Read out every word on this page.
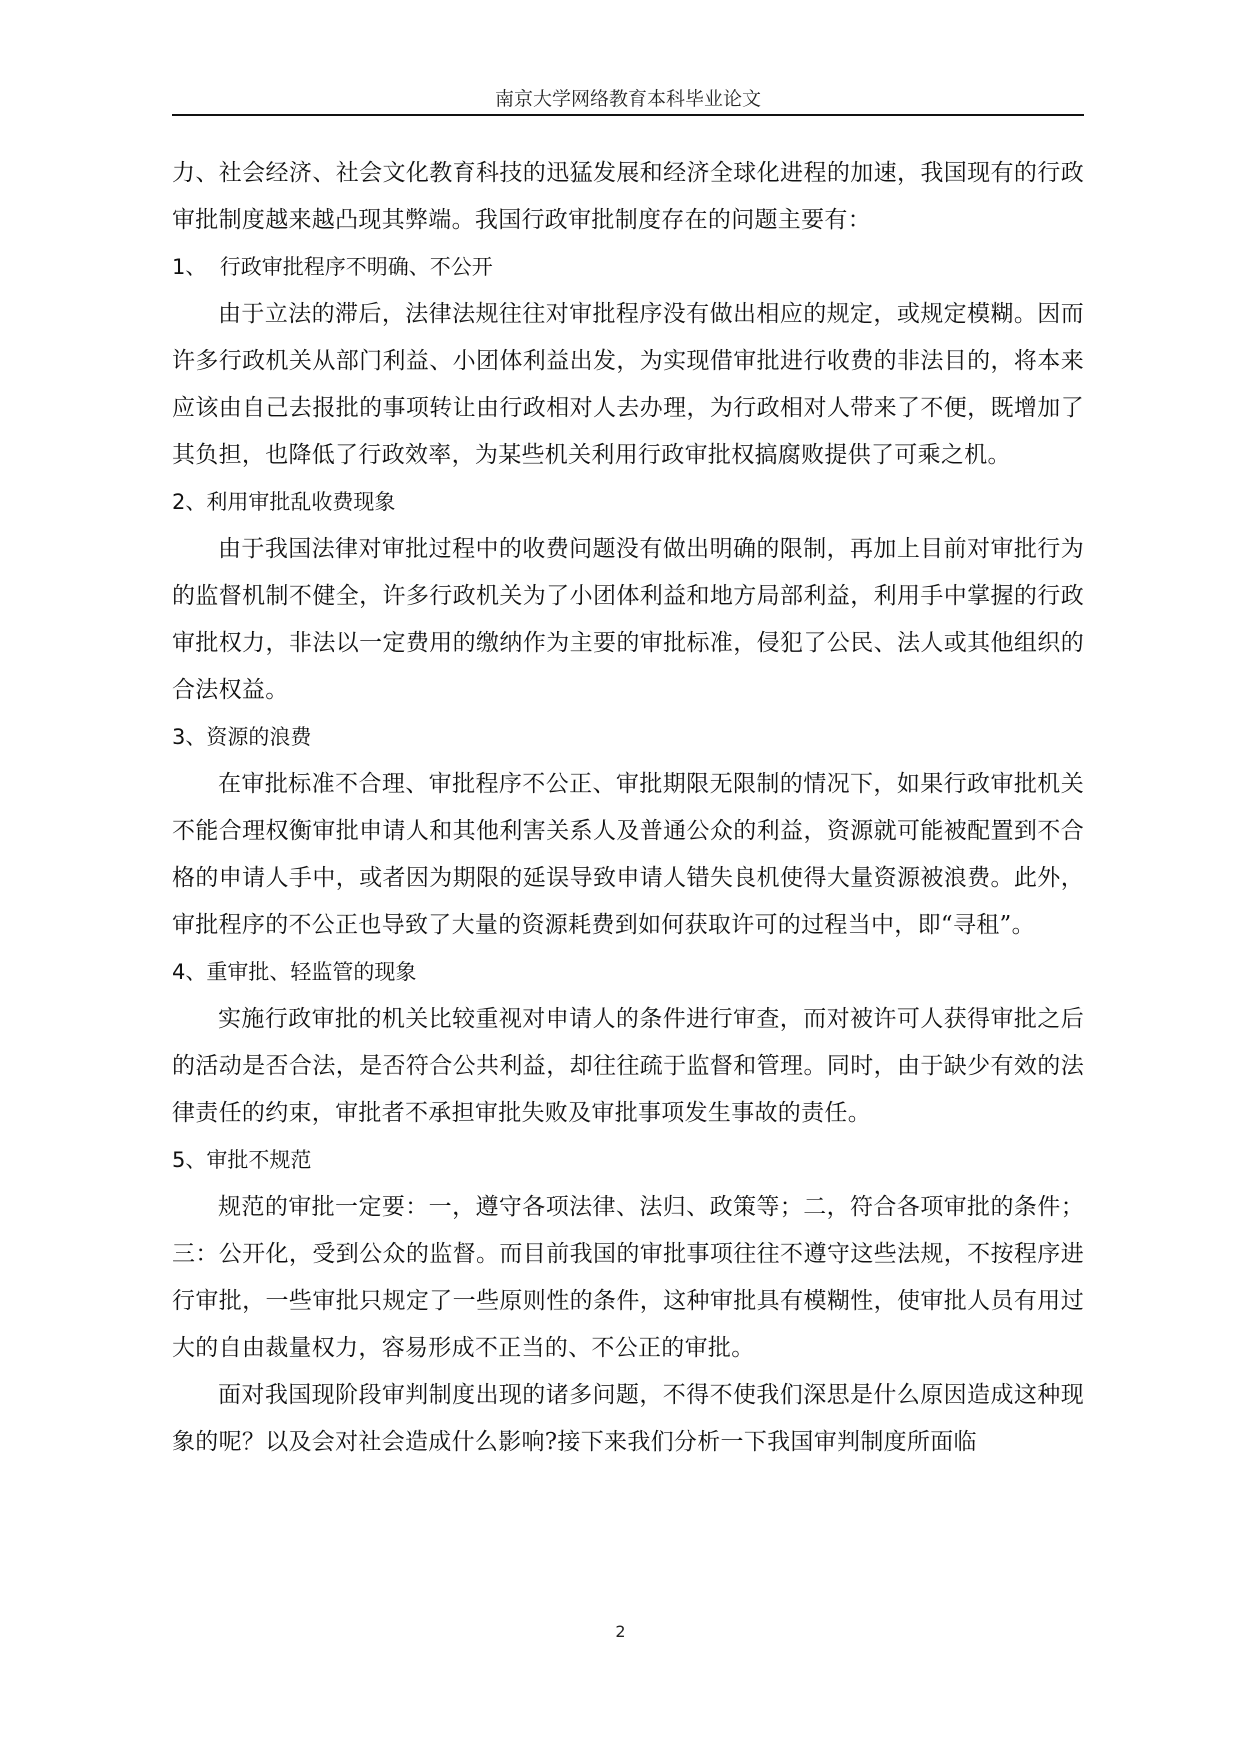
南京大学网络教育本科毕业论文

力、社会经济、社会文化教育科技的迅猛发展和经济全球化进程的加速，我国现有的行政审批制度越来越凸现其弊端。我国行政审批制度存在的问题主要有：

1、  行政审批程序不明确、不公开

由于立法的滞后，法律法规往往对审批程序没有做出相应的规定，或规定模糊。因而许多行政机关从部门利益、小团体利益出发，为实现借审批进行收费的非法目的，将本来应该由自己去报批的事项转让由行政相对人去办理，为行政相对人带来了不便，既增加了其负担，也降低了行政效率，为某些机关利用行政审批权搞腐败提供了可乘之机。

2、利用审批乱收费现象

由于我国法律对审批过程中的收费问题没有做出明确的限制，再加上目前对审批行为的监督机制不健全，许多行政机关为了小团体利益和地方局部利益，利用手中掌握的行政审批权力，非法以一定费用的缴纳作为主要的审批标准，侵犯了公民、法人或其他组织的合法权益。

3、资源的浪费

在审批标准不合理、审批程序不公正、审批期限无限制的情况下，如果行政审批机关不能合理权衡审批申请人和其他利害关系人及普通公众的利益，资源就可能被配置到不合格的申请人手中，或者因为期限的延误导致申请人错失良机使得大量资源被浪费。此外，审批程序的不公正也导致了大量的资源耗费到如何获取许可的过程当中，即“寻租”。

4、重审批、轻监管的现象

实施行政审批的机关比较重视对申请人的条件进行审查，而对被许可人获得审批之后的活动是否合法，是否符合公共利益，却往往疏于监督和管理。同时，由于缺少有效的法律责任的约束，审批者不承担审批失败及审批事项发生事故的责任。

5、审批不规范

规范的审批一定要：一，遵守各项法律、法归、政策等；二，符合各项审批的条件；三：公开化，受到公众的监督。而目前我国的审批事项往往不遵守这些法规，不按程序进行审批，一些审批只规定了一些原则性的条件，这种审批具有模糊性，使审批人员有用过大的自由裁量权力，容易形成不正当的、不公正的审批。

面对我国现阶段审判制度出现的诸多问题，不得不使我们深思是什么原因造成这种现象的呢？以及会对社会造成什么影响?接下来我们分析一下我国审判制度所面临

2
